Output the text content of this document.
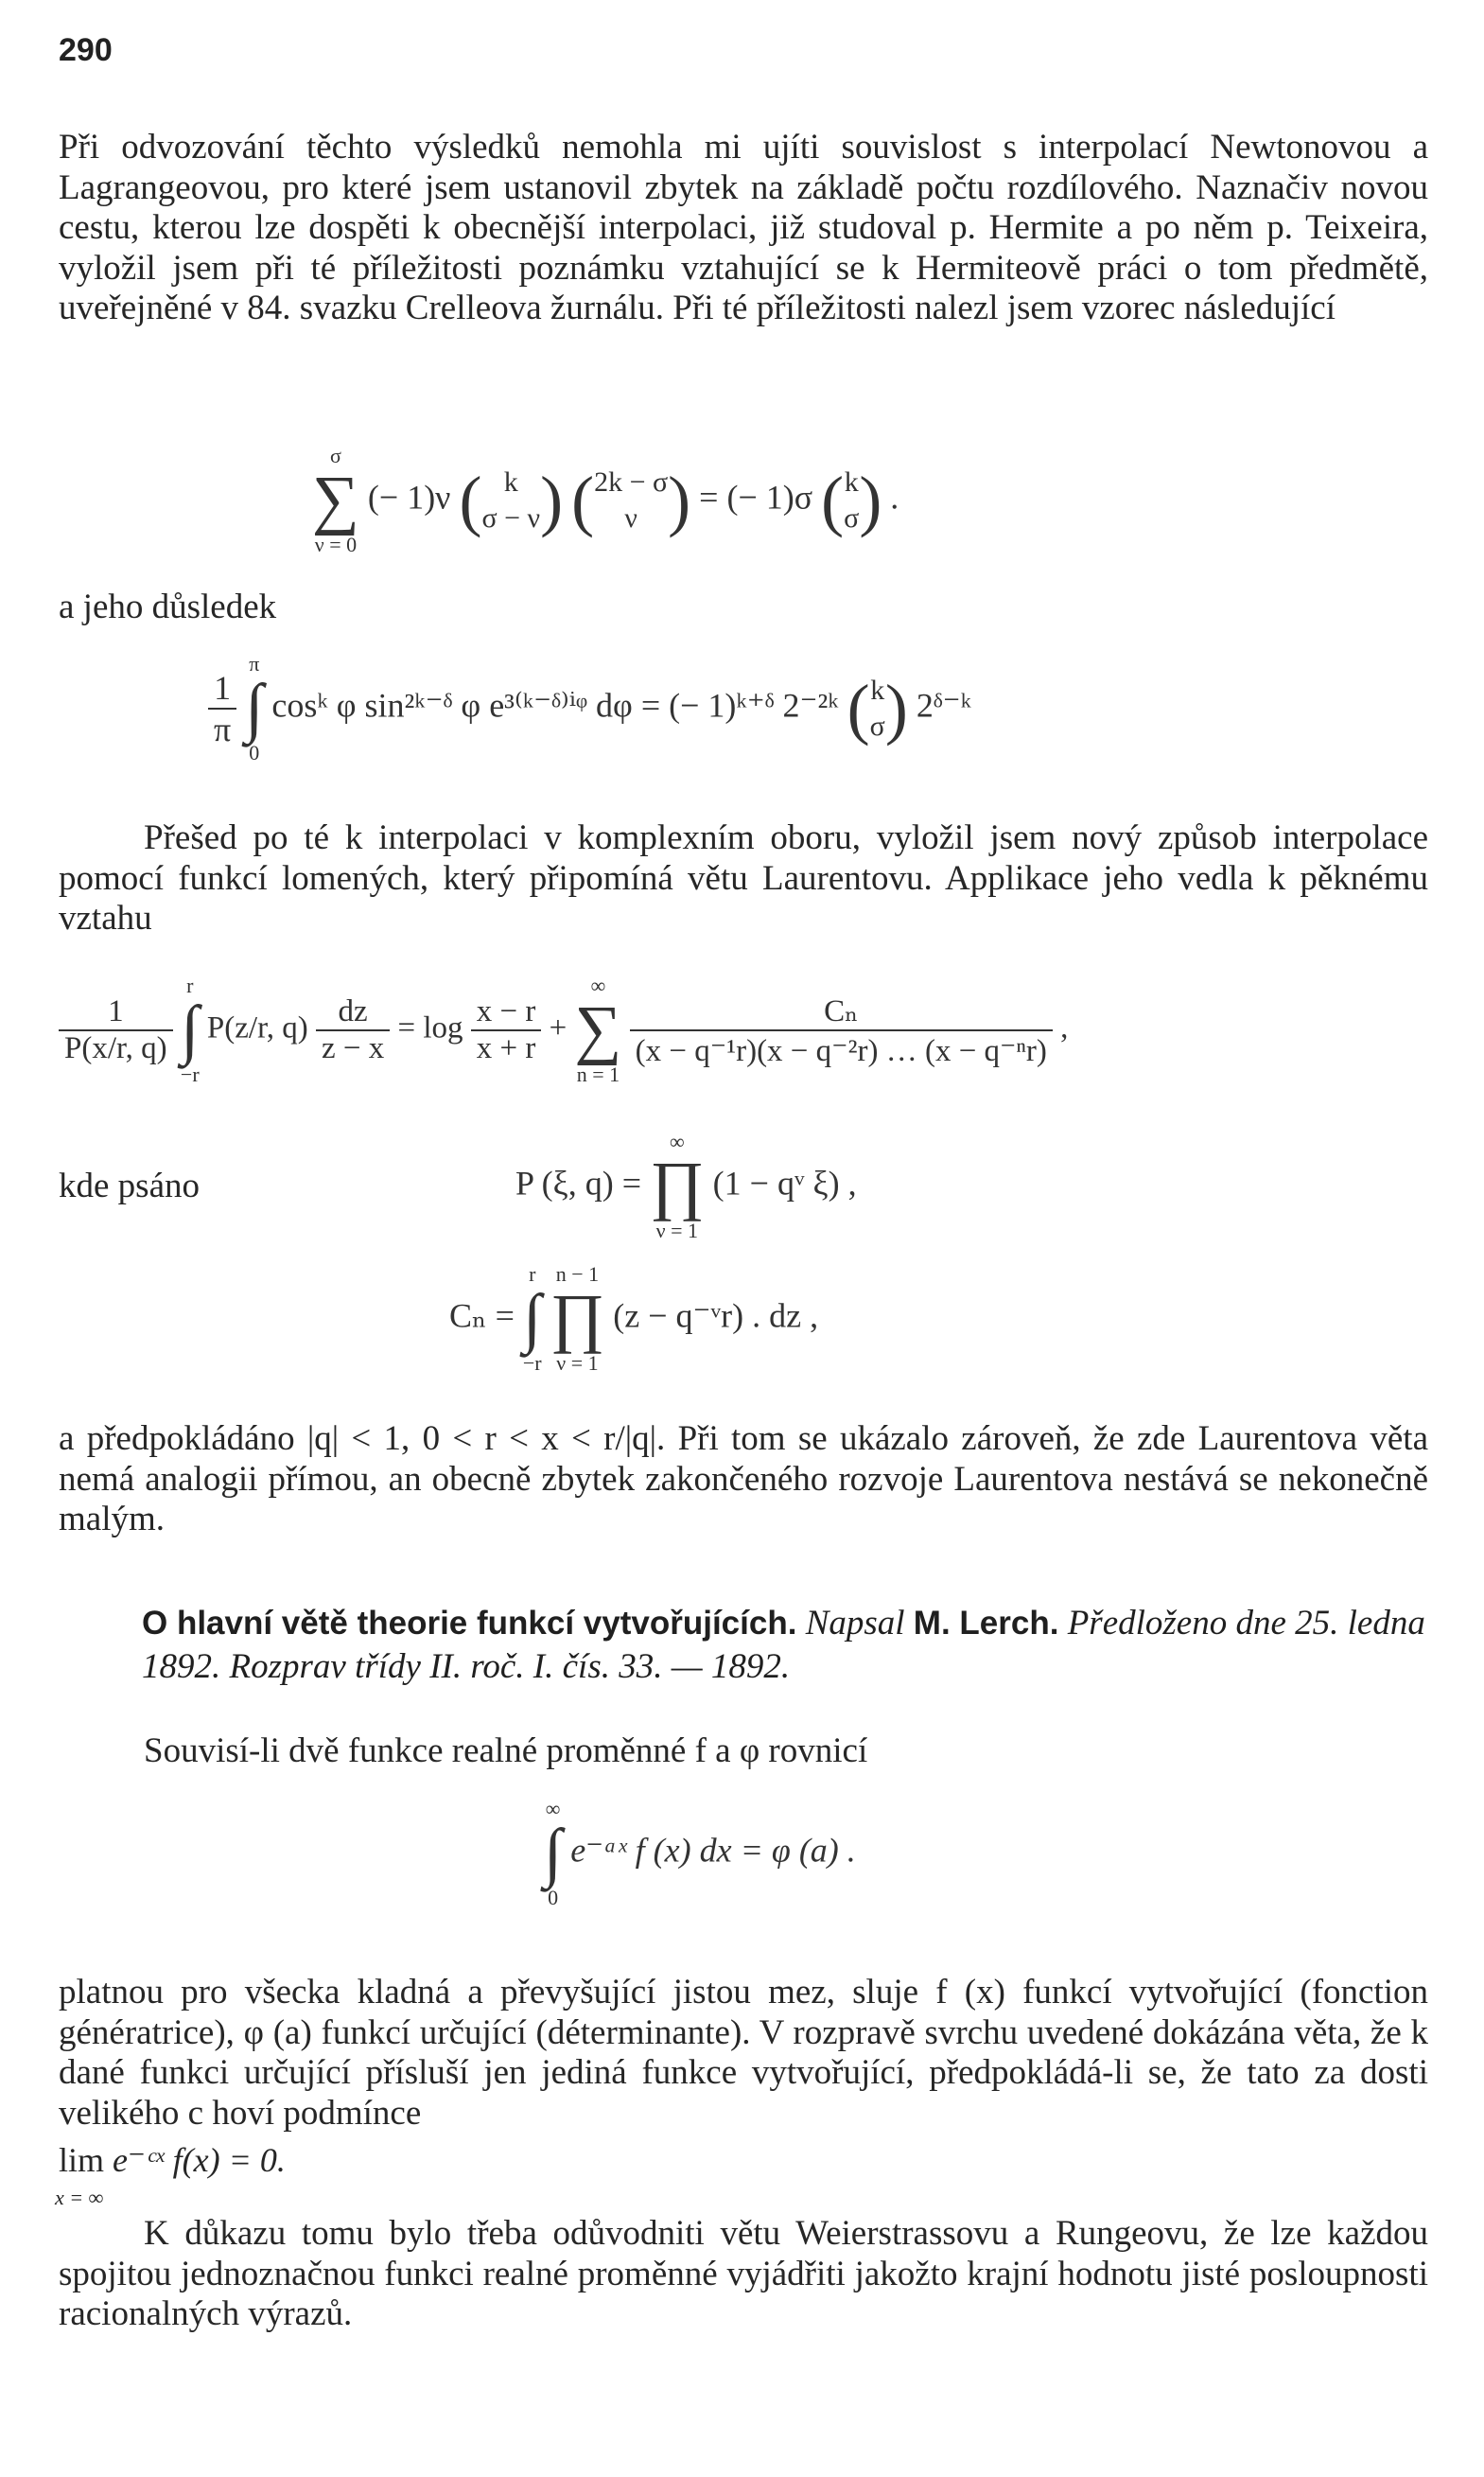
290
Při odvozování těchto výsledků nemohla mi ujíti souvislost s interpolací Newtonovou a Lagrangeovou, pro které jsem ustanovil zbytek na základě počtu rozdílového. Naznačiv novou cestu, kterou lze dospěti k obecnější interpolaci, již studoval p. Hermite a po něm p. Teixeira, vyložil jsem při té příležitosti poznámku vztahující se k Hermiteově práci o tom předmětě, uveřejněné v 84. svazku Crelleova žurnálu. Při té příležitosti nalezl jsem vzorec následující
σ
∑
ν = 0
(− 1)ν ( k
σ − ν ) ( 2k − σ
ν ) = (− 1)σ ( k
σ ) .
a jeho důsledek
$\frac{1}{\pi}$

π
∫
0
cosᵏ φ sin²ᵏ⁻ᵟ φ e³⁽ᵏ⁻ᵟ⁾ⁱᵠ dφ = (− 1)ᵏ⁺ᵟ 2⁻²ᵏ ( k
σ ) 2ᵟ⁻ᵏ
Přešed po té k interpolaci v komplexním oboru, vyložil jsem nový způsob interpolace pomocí funkcí lomených, který připomíná větu Laurentovu. Applikace jeho vedla k pěknému vztahu
$\frac{1}{P(x/r, q)}$

r
∫
−r
P(z/r, $q) \frac{dz}{z - x} = \log \frac{x - r}{x + r}$ +
∞
∑
n = 1

$\frac{\text{Cₙ}}{\text{(x − q⁻¹r)(x − q⁻²r) … (x − q⁻ⁿr)}}$ ,
kde psáno	P (ξ, q) =
∞
∏
ν = 1
(1 − qᵛ ξ) ,
Cₙ =
r
∫
−r

n − 1
∏
ν = 1
(z − q⁻ᵛr) . dz ,
a předpokládáno |q| < 1, 0 < r < x < r/|q|. Při tom se ukázalo zároveň, že zde Laurentova věta nemá analogii přímou, an obecně zbytek zakončeného rozvoje Laurentova nestává se nekonečně malým.
O hlavní větě theorie funkcí vytvořujících. Napsal M. Lerch. Předloženo dne 25. ledna 1892. Rozprav třídy II. roč. I. čís. 33. — 1892.
Souvisí-li dvě funkce realné proměnné f a φ rovnicí
∞
∫
0
e⁻ᵃˣ f (x) dx = φ (a) .
platnou pro všecka kladná a převyšující jistou mez, sluje f (x) funkcí vytvořující (fonction génératrice), φ (a) funkcí určující (déterminante). V rozpravě svrchu uvedené dokázána věta, že k dané funkci určující přísluší jen jediná funkce vytvořující, předpokládá-li se, že tato za dosti velikého c hoví podmínce
lim e⁻ᶜˣ f(x) = 0.
x = ∞
K důkazu tomu bylo třeba odůvodniti větu Weierstrassovu a Rungeovu, že lze každou spojitou jednoznačnou funkci realné proměnné vyjádřiti jakožto krajní hodnotu jisté posloupnosti racionalných výrazů.
